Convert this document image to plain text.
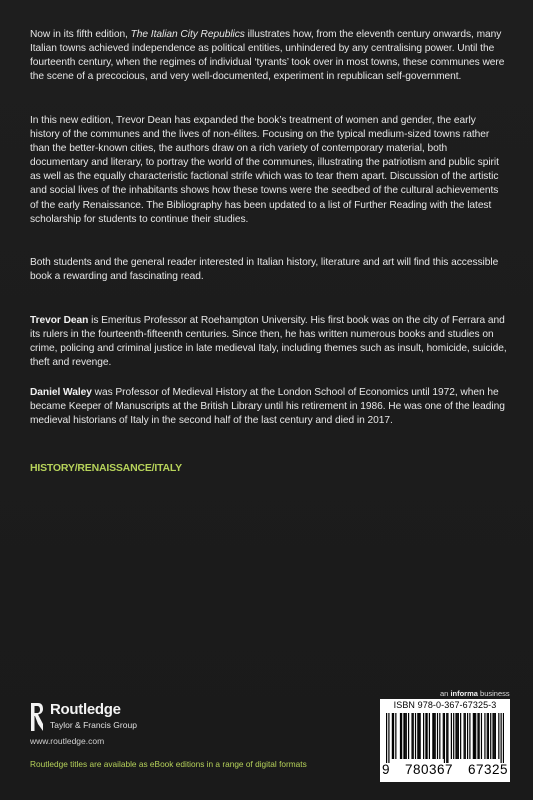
Now in its fifth edition, The Italian City Republics illustrates how, from the eleventh century onwards, many Italian towns achieved independence as political entities, unhindered by any centralising power. Until the fourteenth century, when the regimes of individual ‘tyrants’ took over in most towns, these communes were the scene of a precocious, and very well-documented, experiment in republican self-government.

In this new edition, Trevor Dean has expanded the book’s treatment of women and gender, the early history of the communes and the lives of non-élites. Focusing on the typical medium-sized towns rather than the better-known cities, the authors draw on a rich variety of contemporary material, both documentary and literary, to portray the world of the communes, illustrating the patriotism and public spirit as well as the equally characteristic factional strife which was to tear them apart. Discussion of the artistic and social lives of the inhabitants shows how these towns were the seedbed of the cultural achievements of the early Renaissance. The Bibliography has been updated to a list of Further Reading with the latest scholarship for students to continue their studies.

Both students and the general reader interested in Italian history, literature and art will find this accessible book a rewarding and fascinating read.

Trevor Dean is Emeritus Professor at Roehampton University. His first book was on the city of Ferrara and its rulers in the fourteenth-fifteenth centuries. Since then, he has written numerous books and studies on crime, policing and criminal justice in late medieval Italy, including themes such as insult, homicide, suicide, theft and revenge.

Daniel Waley was Professor of Medieval History at the London School of Economics until 1972, when he became Keeper of Manuscripts at the British Library until his retirement in 1986. He was one of the leading medieval historians of Italy in the second half of the last century and died in 2017.

HISTORY/RENAISSANCE/ITALY
Routledge
Taylor & Francis Group
www.routledge.com
Routledge titles are available as eBook editions in a range of digital formats
an informa business
ISBN 978-0-367-67325-3
9 780367 67325
